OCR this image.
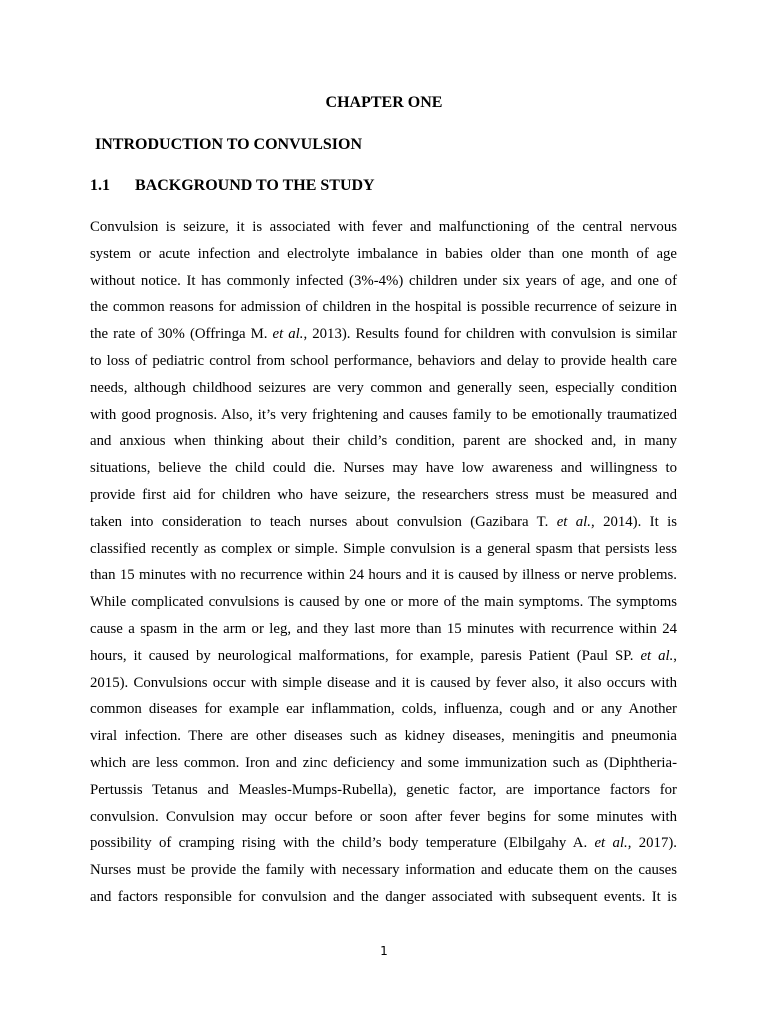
CHAPTER ONE
INTRODUCTION TO CONVULSION
1.1 BACKGROUND TO THE STUDY
Convulsion is seizure, it is associated with fever and malfunctioning of the central nervous
system or acute infection and electrolyte imbalance in babies older than one month of age
without notice. It has commonly infected (3%-4%) children under six years of age, and one of
the common reasons for admission of children in the hospital is possible recurrence of seizure in
the rate of 30% (Offringa M. et al., 2013). Results found for children with convulsion is similar
to loss of pediatric control from school performance, behaviors and delay to provide health care
needs, although childhood seizures are very common and generally seen, especially condition
with good prognosis. Also, it’s very frightening and causes family to be emotionally traumatized
and anxious when thinking about their child’s condition, parent are shocked and, in many
situations, believe the child could die. Nurses may have low awareness and willingness to
provide first aid for children who have seizure, the researchers stress must be measured and
taken into consideration to teach nurses about convulsion (Gazibara T. et al., 2014). It is
classified recently as complex or simple. Simple convulsion is a general spasm that persists less
than 15 minutes with no recurrence within 24 hours and it is caused by illness or nerve problems.
While complicated convulsions is caused by one or more of the main symptoms. The symptoms
cause a spasm in the arm or leg, and they last more than 15 minutes with recurrence within 24
hours, it caused by neurological malformations, for example, paresis Patient (Paul SP. et al.,
2015). Convulsions occur with simple disease and it is caused by fever also, it also occurs with
common diseases for example ear inflammation, colds, influenza, cough and or any Another
viral infection. There are other diseases such as kidney diseases, meningitis and pneumonia
which are less common. Iron and zinc deficiency and some immunization such as (Diphtheria-
Pertussis Tetanus and Measles-Mumps-Rubella), genetic factor, are importance factors for
convulsion. Convulsion may occur before or soon after fever begins for some minutes with
possibility of cramping rising with the child’s body temperature (Elbilgahy A. et al., 2017).
Nurses must be provide the family with necessary information and educate them on the causes
and factors responsible for convulsion and the danger associated with subsequent events. It is
1
